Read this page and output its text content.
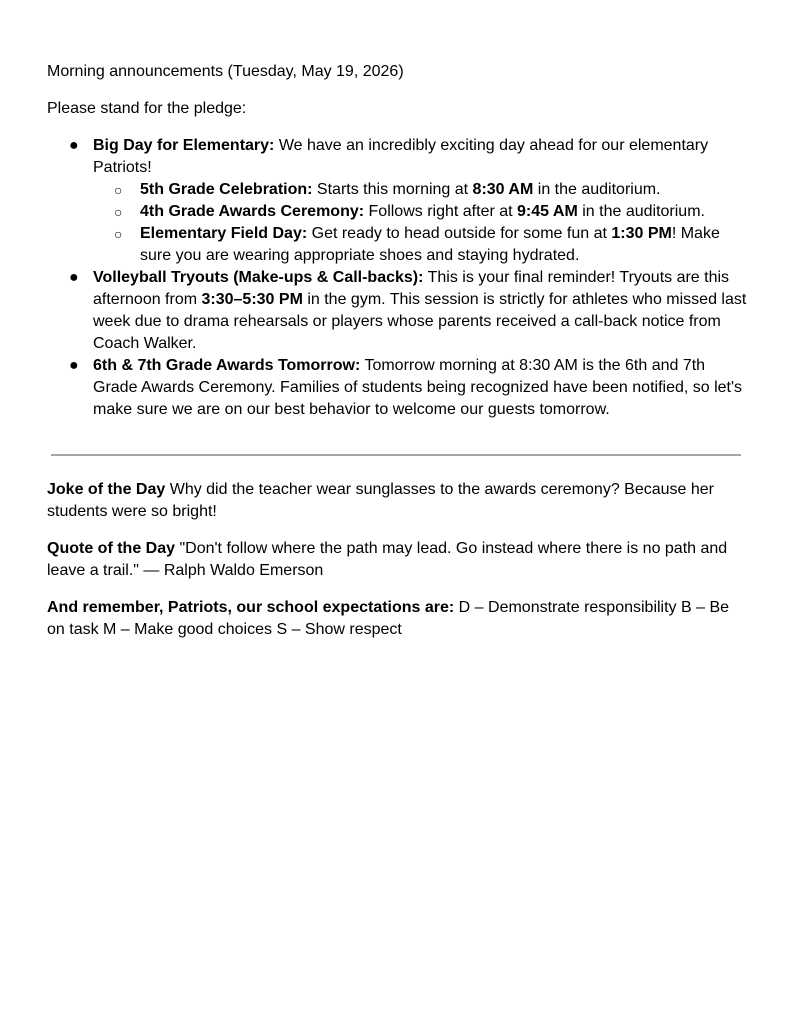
Morning announcements (Tuesday, May 19, 2026)

Please stand for the pledge:

● Big Day for Elementary: We have an incredibly exciting day ahead for our elementary Patriots!
○	5th Grade Celebration: Starts this morning at 8:30 AM in the auditorium.
○	4th Grade Awards Ceremony: Follows right after at 9:45 AM in the auditorium.
○	Elementary Field Day: Get ready to head outside for some fun at 1:30 PM! Make sure you are wearing appropriate shoes and staying hydrated.
● Volleyball Tryouts (Make-ups & Call-backs): This is your final reminder! Tryouts are this afternoon from 3:30–5:30 PM in the gym. This session is strictly for athletes who missed last week due to drama rehearsals or players whose parents received a call-back notice from Coach Walker.
● 6th & 7th Grade Awards Tomorrow: Tomorrow morning at 8:30 AM is the 6th and 7th Grade Awards Ceremony. Families of students being recognized have been notified, so let's make sure we are on our best behavior to welcome our guests tomorrow.

Joke of the Day Why did the teacher wear sunglasses to the awards ceremony? Because her students were so bright!

Quote of the Day "Don't follow where the path may lead. Go instead where there is no path and leave a trail." — Ralph Waldo Emerson

And remember, Patriots, our school expectations are: D – Demonstrate responsibility B – Be on task M – Make good choices S – Show respect
